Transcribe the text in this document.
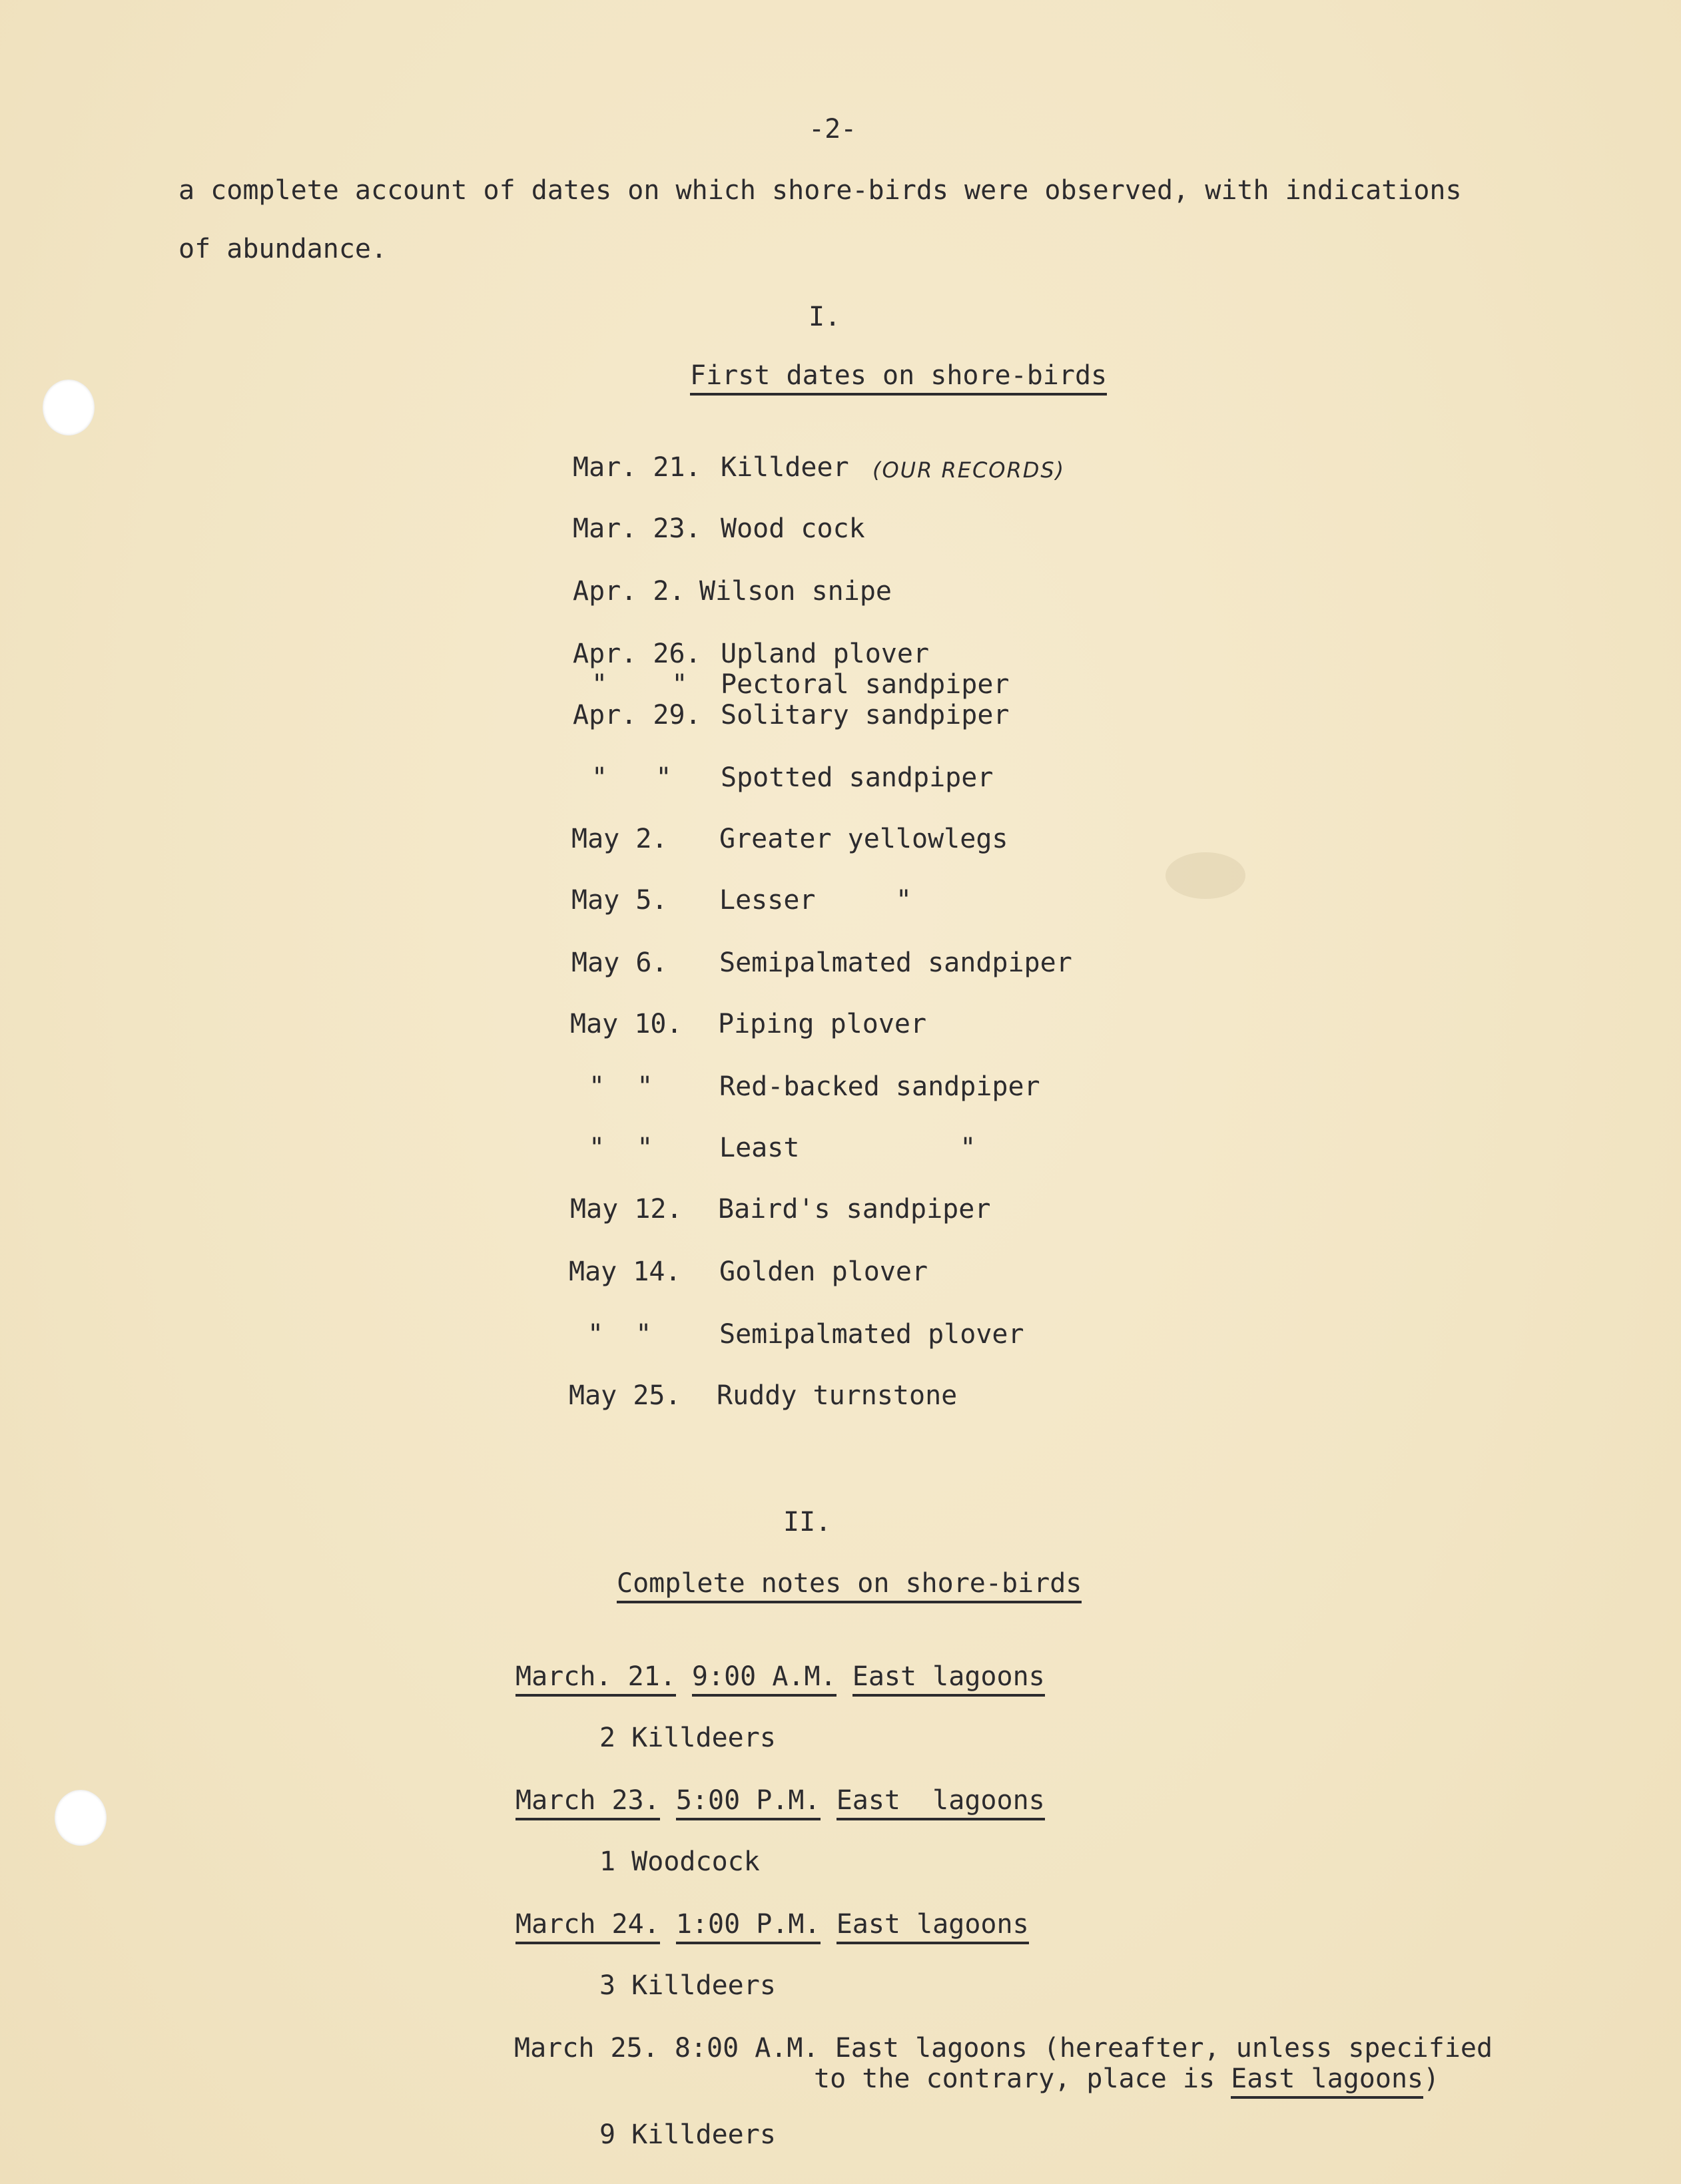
-2-
a complete account of dates on which shore-birds were observed, with indications
of abundance.
I.
First dates on shore-birds
Mar. 21. Killdeer (OUR RECORDS)
Mar. 23. Wood cock
Apr. 2. Wilson snipe
Apr. 26. Upland plover
"    " Pectoral sandpiper
Apr. 29. Solitary sandpiper
"   " Spotted sandpiper
May 2. Greater yellowlegs
May 5. Lesser     "
May 6. Semipalmated sandpiper
May 10. Piping plover
"  " Red-backed sandpiper
"  " Least          "
May 12. Baird's sandpiper
May 14. Golden plover
"  "	Semipalmated plover
May 25. Ruddy turnstone
II.
Complete notes on shore-birds
March. 21. 9:00 A.M. East lagoons
2 Killdeers
March 23. 5:00 P.M. East  lagoons
1 Woodcock
March 24. 1:00 P.M. East lagoons
3 Killdeers
March 25. 8:00 A.M. East lagoons (hereafter, unless specified
to the contrary, place is East lagoons)
9 Killdeers
